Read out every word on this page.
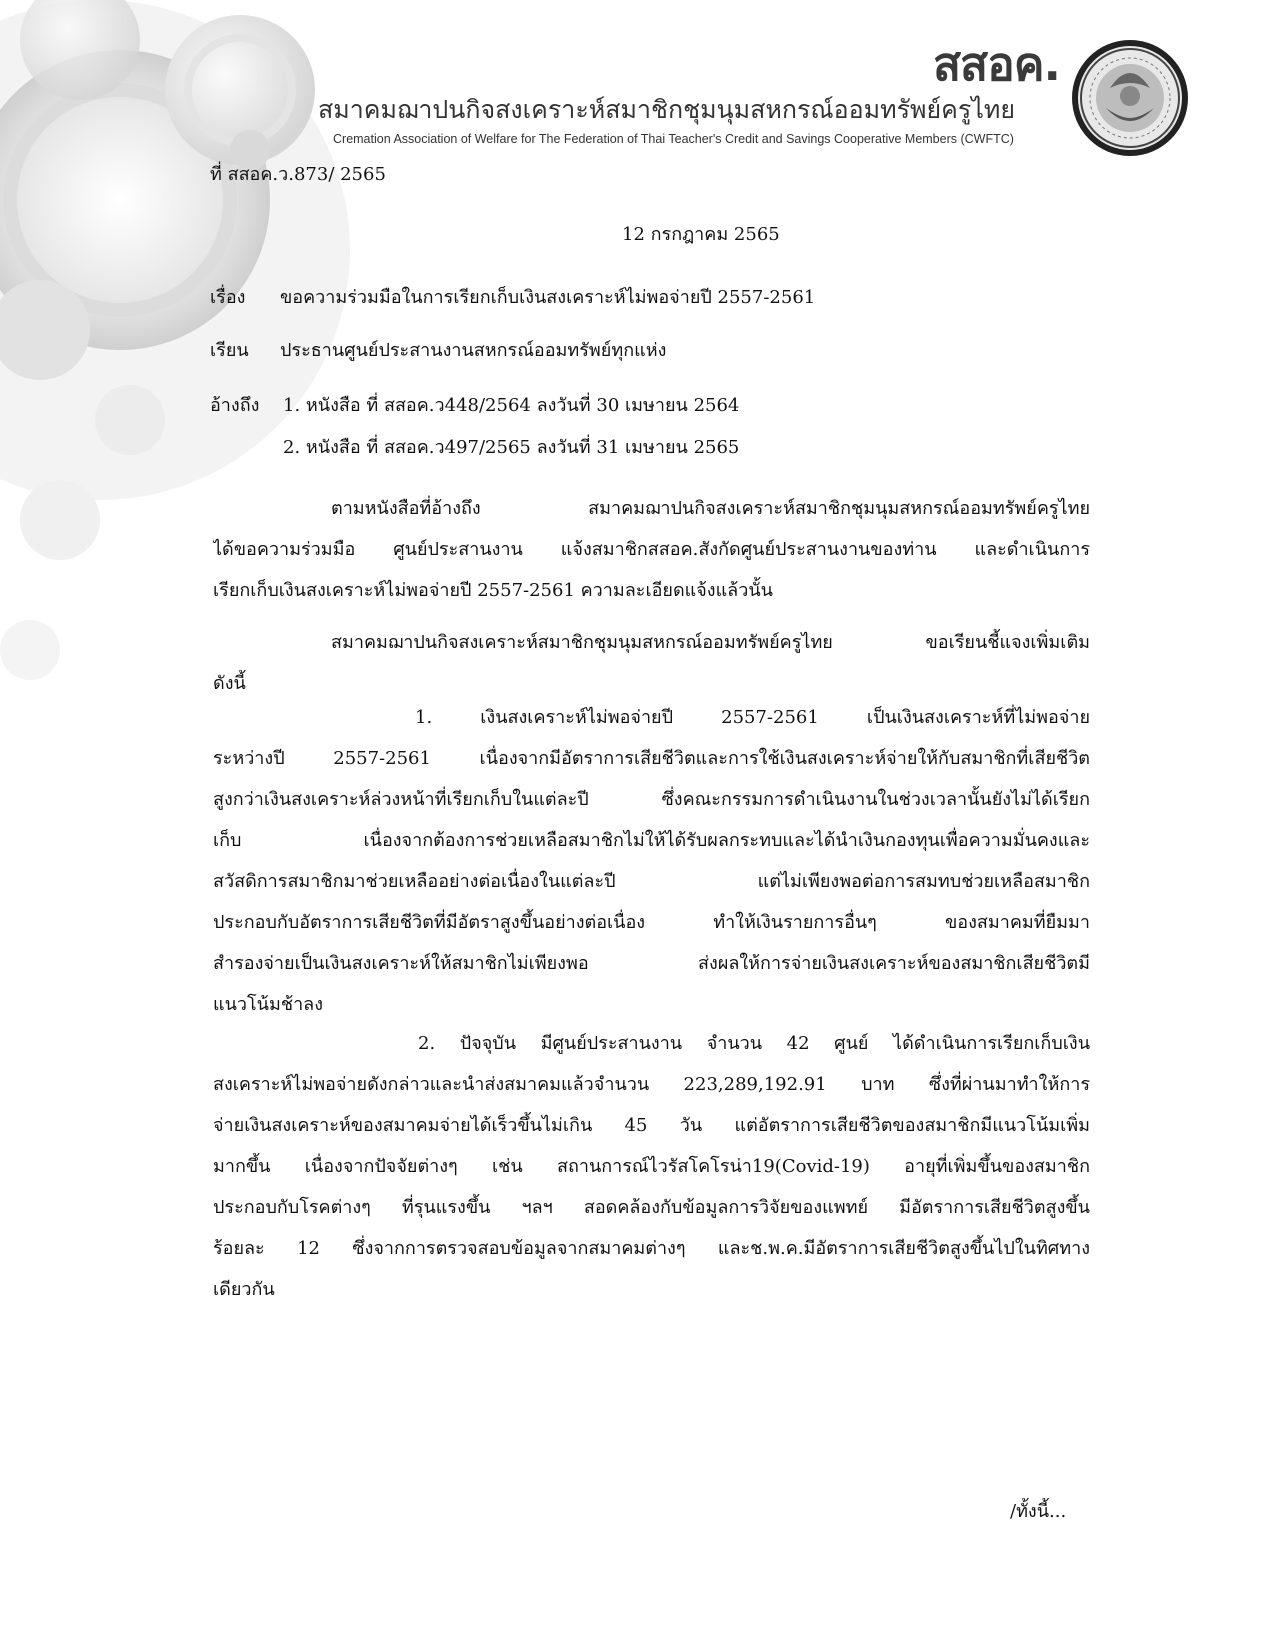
สสอค.
สมาคมฌาปนกิจสงเคราะห์สมาชิกชุมนุมสหกรณ์ออมทรัพย์ครูไทย
Cremation Association of Welfare for The Federation of Thai Teacher's Credit and Savings Cooperative Members (CWFTC)
ที่ สสอค.ว.873/ 2565
12 กรกฎาคม 2565
เรื่อง ขอความร่วมมือในการเรียกเก็บเงินสงเคราะห์ไม่พอจ่ายปี 2557-2561
เรียน ประธานศูนย์ประสานงานสหกรณ์ออมทรัพย์ทุกแห่ง
อ้างถึง 1. หนังสือ ที่ สสอค.ว448/2564 ลงวันที่ 30 เมษายน 2564
2. หนังสือ ที่ สสอค.ว497/2565 ลงวันที่ 31 เมษายน 2565
ตามหนังสือที่อ้างถึง สมาคมฌาปนกิจสงเคราะห์สมาชิกชุมนุมสหกรณ์ออมทรัพย์ครูไทย
ได้ขอความร่วมมือ ศูนย์ประสานงาน แจ้งสมาชิกสสอค.สังกัดศูนย์ประสานงานของท่าน และดำเนินการ
เรียกเก็บเงินสงเคราะห์ไม่พอจ่ายปี 2557-2561 ความละเอียดแจ้งแล้วนั้น
สมาคมฌาปนกิจสงเคราะห์สมาชิกชุมนุมสหกรณ์ออมทรัพย์ครูไทย ขอเรียนชี้แจงเพิ่มเติม
ดังนี้
1. เงินสงเคราะห์ไม่พอจ่ายปี 2557-2561 เป็นเงินสงเคราะห์ที่ไม่พอจ่าย
ระหว่างปี 2557-2561 เนื่องจากมีอัตราการเสียชีวิตและการใช้เงินสงเคราะห์จ่ายให้กับสมาชิกที่เสียชีวิต
สูงกว่าเงินสงเคราะห์ล่วงหน้าที่เรียกเก็บในแต่ละปี ซึ่งคณะกรรมการดำเนินงานในช่วงเวลานั้นยังไม่ได้เรียก
เก็บ เนื่องจากต้องการช่วยเหลือสมาชิกไม่ให้ได้รับผลกระทบและได้นำเงินกองทุนเพื่อความมั่นคงและ
สวัสดิการสมาชิกมาช่วยเหลืออย่างต่อเนื่องในแต่ละปี แต่ไม่เพียงพอต่อการสมทบช่วยเหลือสมาชิก
ประกอบกับอัตราการเสียชีวิตที่มีอัตราสูงขึ้นอย่างต่อเนื่อง ทำให้เงินรายการอื่นๆ ของสมาคมที่ยืมมา
สำรองจ่ายเป็นเงินสงเคราะห์ให้สมาชิกไม่เพียงพอ ส่งผลให้การจ่ายเงินสงเคราะห์ของสมาชิกเสียชีวิตมี
แนวโน้มช้าลง
2. ปัจจุบัน มีศูนย์ประสานงาน จำนวน 42 ศูนย์ ได้ดำเนินการเรียกเก็บเงิน
สงเคราะห์ไม่พอจ่ายดังกล่าวและนำส่งสมาคมแล้วจำนวน 223,289,192.91 บาท ซึ่งที่ผ่านมาทำให้การ
จ่ายเงินสงเคราะห์ของสมาคมจ่ายได้เร็วขึ้นไม่เกิน 45 วัน แต่อัตราการเสียชีวิตของสมาชิกมีแนวโน้มเพิ่ม
มากขึ้น เนื่องจากปัจจัยต่างๆ เช่น สถานการณ์ไวรัสโคโรน่า19(Covid-19) อายุที่เพิ่มขึ้นของสมาชิก
ประกอบกับโรคต่างๆ ที่รุนแรงขึ้น ฯลฯ สอดคล้องกับข้อมูลการวิจัยของแพทย์ มีอัตราการเสียชีวิตสูงขึ้น
ร้อยละ 12 ซึ่งจากการตรวจสอบข้อมูลจากสมาคมต่างๆ และช.พ.ค.มีอัตราการเสียชีวิตสูงขึ้นไปในทิศทาง
เดียวกัน
/ทั้งนี้...
